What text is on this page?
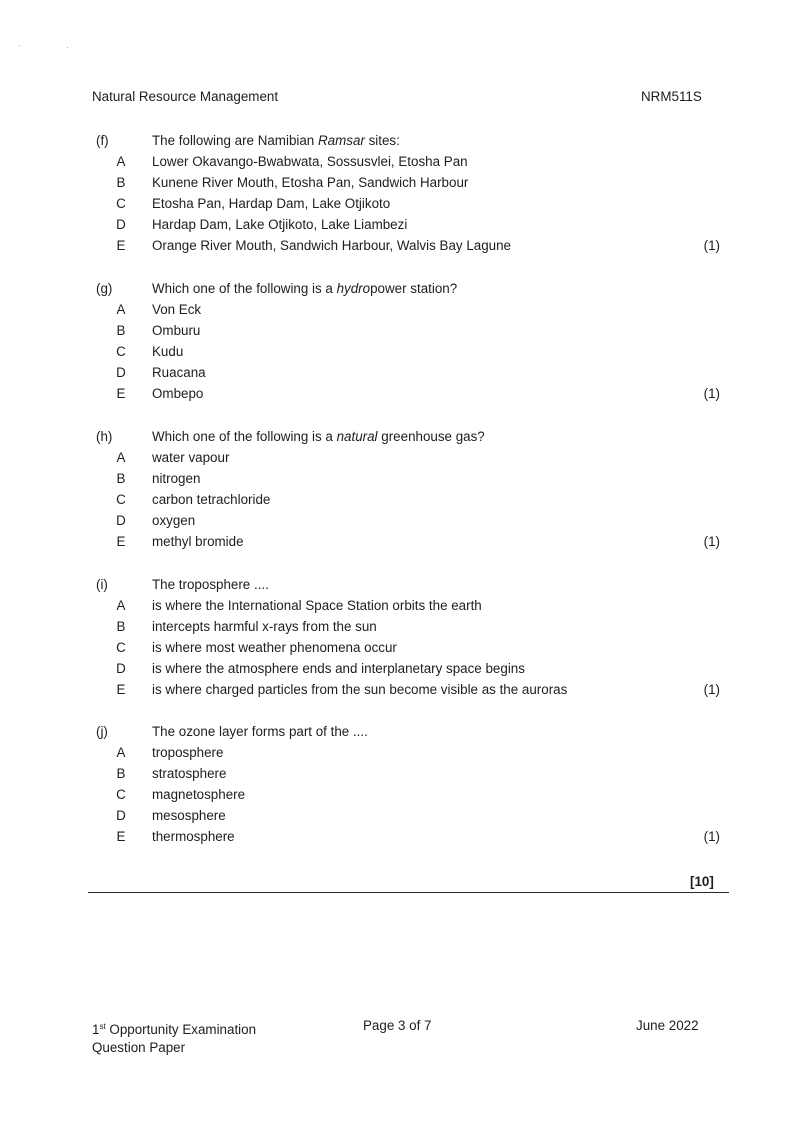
·	·
Natural Resource Management	NRM511S
(f)	The following are Namibian Ramsar sites:
A Lower Okavango-Bwabwata, Sossusvlei, Etosha Pan
B Kunene River Mouth, Etosha Pan, Sandwich Harbour
C Etosha Pan, Hardap Dam, Lake Otjikoto
D Hardap Dam, Lake Otjikoto, Lake Liambezi
E Orange River Mouth, Sandwich Harbour, Walvis Bay Lagune	(1)
(g)	Which one of the following is a hydropower station?
A Von Eck
B Omburu
C Kudu
D Ruacana
E Ombepo	(1)
(h)	Which one of the following is a natural greenhouse gas?
A water vapour
B nitrogen
C carbon tetrachloride
D oxygen
E methyl bromide	(1)
(i)	The troposphere ....
A is where the International Space Station orbits the earth
B intercepts harmful x-rays from the sun
C is where most weather phenomena occur
D is where the atmosphere ends and interplanetary space begins
E is where charged particles from the sun become visible as the auroras	(1)
(j)	The ozone layer forms part of the ....
A troposphere
B stratosphere
C magnetosphere
D mesosphere
E thermosphere	(1)
[10]
1st Opportunity Examination
Question Paper
Page 3 of 7	June 2022
